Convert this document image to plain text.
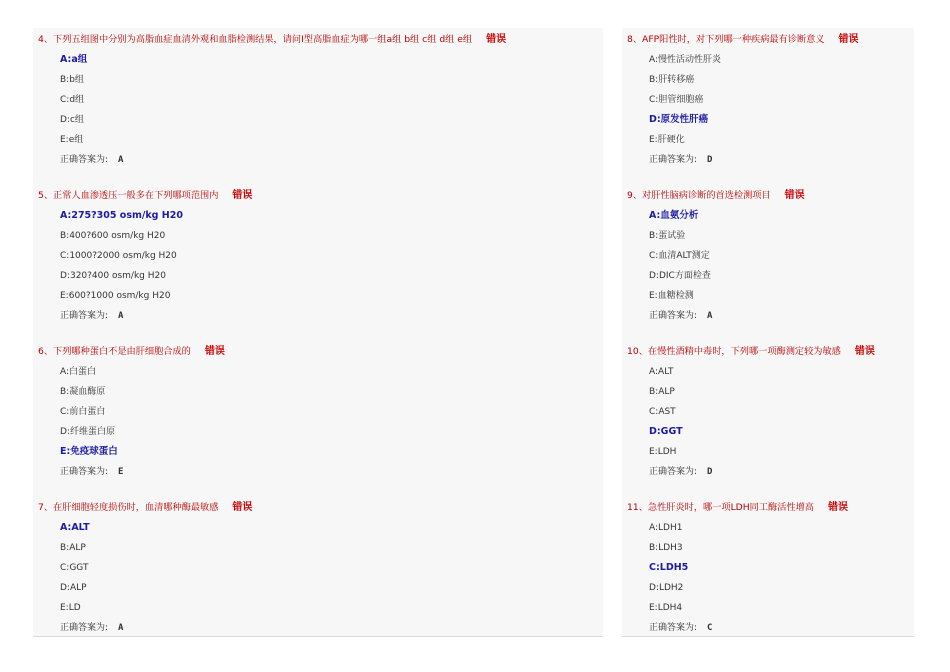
4、下列五组图中分别为高脂血症血清外观和血脂检测结果，请问I型高脂血症为哪一组a组 b组 c组 d组 e组 错误
A:a组
B:b组
C:d组
D:c组
E:e组
正确答案为: A
5、正常人血渗透压一般多在下列哪项范围内 错误
A:275?305 osm/kg H20
B:400?600 osm/kg H20
C:1000?2000 osm/kg H20
D:320?400 osm/kg H20
E:600?1000 osm/kg H20
正确答案为: A
6、下列哪种蛋白不是由肝细胞合成的 错误
A:白蛋白
B:凝血酶原
C:前白蛋白
D:纤维蛋白原
E:免疫球蛋白
正确答案为: E
7、在肝细胞轻度损伤时，血清哪种酶最敏感 错误
A:ALT
B:ALP
C:GGT
D:ALP
E:LD
正确答案为: A
8、AFP阳性时，对下列哪一种疾病最有诊断意义 错误
A:慢性活动性肝炎
B:肝转移癌
C:胆管细胞癌
D:原发性肝癌
E:肝硬化
正确答案为: D
9、对肝性脑病诊断的首选检测项目 错误
A:血氨分析
B:蛋试验
C:血清ALT测定
D:DIC方面检查
E:血糖检测
正确答案为: A
10、在慢性酒精中毒时，下列哪一项酶测定较为敏感 错误
A:ALT
B:ALP
C:AST
D:GGT
E:LDH
正确答案为: D
11、急性肝炎时，哪一项LDH同工酶活性增高 错误
A:LDH1
B:LDH3
C:LDH5
D:LDH2
E:LDH4
正确答案为: C
